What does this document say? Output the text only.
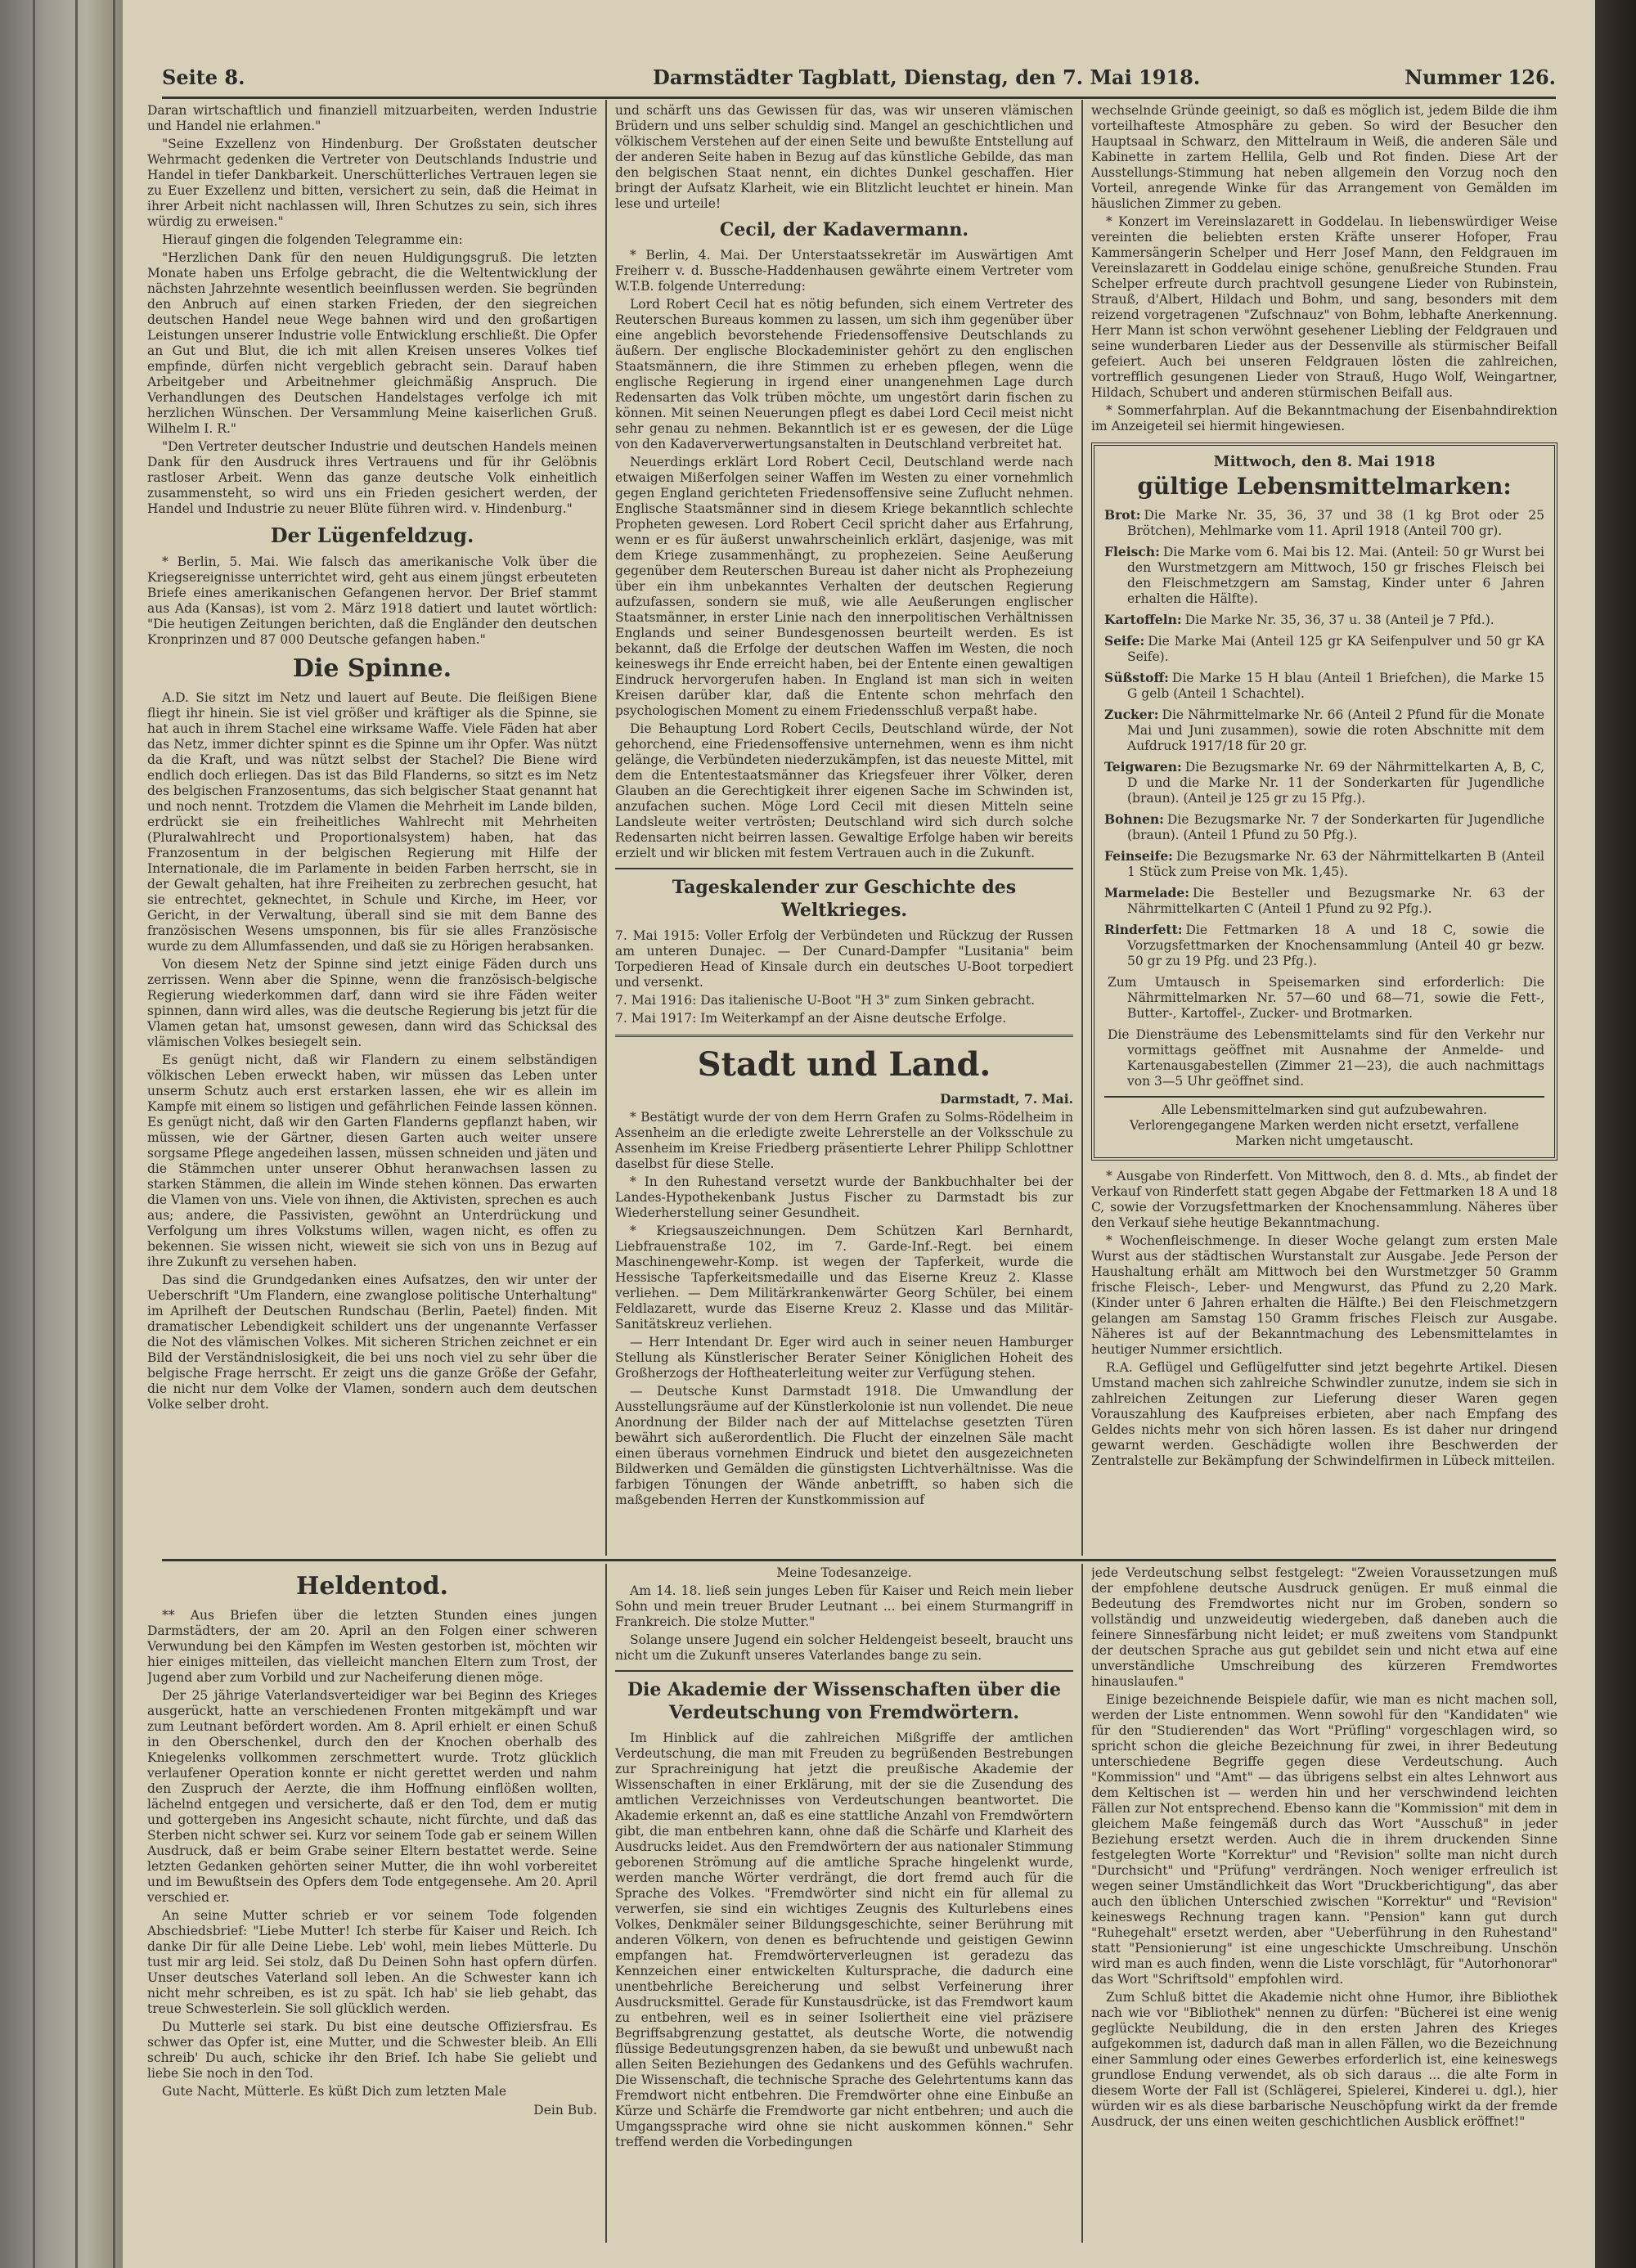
Seite 8.	Darmstädter Tagblatt, Dienstag, den 7. Mai 1918.	Nummer 126.

Daran wirtschaftlich und finanziell mitzuarbeiten, werden Industrie und Handel nie erlahmen."

"Seine Exzellenz von Hindenburg. Der Großstaten deutscher Wehrmacht gedenken die Vertreter von Deutschlands Industrie und Handel in tiefer Dankbarkeit. Unerschütterliches Vertrauen legen sie zu Euer Exzellenz und bitten, versichert zu sein, daß die Heimat in ihrer Arbeit nicht nachlassen will, Ihren Schutzes zu sein, sich ihres würdig zu erweisen."

Hierauf gingen die folgenden Telegramme ein:

"Herzlichen Dank für den neuen Huldigungsgruß. Die letzten Monate haben uns Erfolge gebracht, die die Weltentwicklung der nächsten Jahrzehnte wesentlich beeinflussen werden. Sie begründen den Anbruch auf einen starken Frieden, der den siegreichen deutschen Handel neue Wege bahnen wird und den großartigen Leistungen unserer Industrie volle Entwicklung erschließt. Die Opfer an Gut und Blut, die ich mit allen Kreisen unseres Volkes tief empfinde, dürfen nicht vergeblich gebracht sein. Darauf haben Arbeitgeber und Arbeitnehmer gleichmäßig Anspruch. Die Verhandlungen des Deutschen Handelstages verfolge ich mit herzlichen Wünschen. Der Versammlung Meine kaiserlichen Gruß. Wilhelm I. R."

"Den Vertreter deutscher Industrie und deutschen Handels meinen Dank für den Ausdruck ihres Vertrauens und für ihr Gelöbnis rastloser Arbeit. Wenn das ganze deutsche Volk einheitlich zusammensteht, so wird uns ein Frieden gesichert werden, der Handel und Industrie zu neuer Blüte führen wird. v. Hindenburg."

Der Lügenfeldzug.

* Berlin, 5. Mai. Wie falsch das amerikanische Volk über die Kriegsereignisse unterrichtet wird, geht aus einem jüngst erbeuteten Briefe eines amerikanischen Gefangenen hervor. Der Brief stammt aus Ada (Kansas), ist vom 2. März 1918 datiert und lautet wörtlich: "Die heutigen Zeitungen berichten, daß die Engländer den deutschen Kronprinzen und 87 000 Deutsche gefangen haben."

Die Spinne.

A.D. Sie sitzt im Netz und lauert auf Beute. Die fleißigen Biene fliegt ihr hinein. Sie ist viel größer und kräftiger als die Spinne, sie hat auch in ihrem Stachel eine wirksame Waffe. Viele Fäden hat aber das Netz, immer dichter spinnt es die Spinne um ihr Opfer. Was nützt da die Kraft, und was nützt selbst der Stachel? Die Biene wird endlich doch erliegen. Das ist das Bild Flanderns, so sitzt es im Netz des belgischen Franzosentums, das sich belgischer Staat genannt hat und noch nennt. Trotzdem die Vlamen die Mehrheit im Lande bilden, erdrückt sie ein freiheitliches Wahlrecht mit Mehrheiten (Pluralwahlrecht und Proportionalsystem) haben, hat das Franzosentum in der belgischen Regierung mit Hilfe der Internationale, die im Parlamente in beiden Farben herrscht, sie in der Gewalt gehalten, hat ihre Freiheiten zu zerbrechen gesucht, hat sie entrechtet, geknechtet, in Schule und Kirche, im Heer, vor Gericht, in der Verwaltung, überall sind sie mit dem Banne des französischen Wesens umsponnen, bis für sie alles Französische wurde zu dem Allumfassenden, und daß sie zu Hörigen herabsanken.

Von diesem Netz der Spinne sind jetzt einige Fäden durch uns zerrissen. Wenn aber die Spinne, wenn die französisch-belgische Regierung wiederkommen darf, dann wird sie ihre Fäden weiter spinnen, dann wird alles, was die deutsche Regierung bis jetzt für die Vlamen getan hat, umsonst gewesen, dann wird das Schicksal des vlämischen Volkes besiegelt sein.

Es genügt nicht, daß wir Flandern zu einem selbständigen völkischen Leben erweckt haben, wir müssen das Leben unter unserm Schutz auch erst erstarken lassen, ehe wir es allein im Kampfe mit einem so listigen und gefährlichen Feinde lassen können. Es genügt nicht, daß wir den Garten Flanderns gepflanzt haben, wir müssen, wie der Gärtner, diesen Garten auch weiter unsere sorgsame Pflege angedeihen lassen, müssen schneiden und jäten und die Stämmchen unter unserer Obhut heranwachsen lassen zu starken Stämmen, die allein im Winde stehen können. Das erwarten die Vlamen von uns. Viele von ihnen, die Aktivisten, sprechen es auch aus; andere, die Passivisten, gewöhnt an Unterdrückung und Verfolgung um ihres Volkstums willen, wagen nicht, es offen zu bekennen. Sie wissen nicht, wieweit sie sich von uns in Bezug auf ihre Zukunft zu versehen haben.

Das sind die Grundgedanken eines Aufsatzes, den wir unter der Ueberschrift "Um Flandern, eine zwanglose politische Unterhaltung" im Aprilheft der Deutschen Rundschau (Berlin, Paetel) finden. Mit dramatischer Lebendigkeit schildert uns der ungenannte Verfasser die Not des vlämischen Volkes. Mit sicheren Strichen zeichnet er ein Bild der Verständnislosigkeit, die bei uns noch viel zu sehr über die belgische Frage herrscht. Er zeigt uns die ganze Größe der Gefahr, die nicht nur dem Volke der Vlamen, sondern auch dem deutschen Volke selber droht.

und schärft uns das Gewissen für das, was wir unseren vlämischen Brüdern und uns selber schuldig sind. Mangel an geschichtlichen und völkischem Verstehen auf der einen Seite und bewußte Entstellung auf der anderen Seite haben in Bezug auf das künstliche Gebilde, das man den belgischen Staat nennt, ein dichtes Dunkel geschaffen. Hier bringt der Aufsatz Klarheit, wie ein Blitzlicht leuchtet er hinein. Man lese und urteile!

Cecil, der Kadavermann.

* Berlin, 4. Mai. Der Unterstaatssekretär im Auswärtigen Amt Freiherr v. d. Bussche-Haddenhausen gewährte einem Vertreter vom W.T.B. folgende Unterredung:

Lord Robert Cecil hat es nötig befunden, sich einem Vertreter des Reuterschen Bureaus kommen zu lassen, um sich ihm gegenüber über eine angeblich bevorstehende Friedensoffensive Deutschlands zu äußern. Der englische Blockademinister gehört zu den englischen Staatsmännern, die ihre Stimmen zu erheben pflegen, wenn die englische Regierung in irgend einer unangenehmen Lage durch Redensarten das Volk trüben möchte, um ungestört darin fischen zu können. Mit seinen Neuerungen pflegt es dabei Lord Cecil meist nicht sehr genau zu nehmen. Bekanntlich ist er es gewesen, der die Lüge von den Kadaververwertungsanstalten in Deutschland verbreitet hat.

Neuerdings erklärt Lord Robert Cecil, Deutschland werde nach etwaigen Mißerfolgen seiner Waffen im Westen zu einer vornehmlich gegen England gerichteten Friedensoffensive seine Zuflucht nehmen. Englische Staatsmänner sind in diesem Kriege bekanntlich schlechte Propheten gewesen. Lord Robert Cecil spricht daher aus Erfahrung, wenn er es für äußerst unwahrscheinlich erklärt, dasjenige, was mit dem Kriege zusammenhängt, zu prophezeien. Seine Aeußerung gegenüber dem Reuterschen Bureau ist daher nicht als Prophezeiung über ein ihm unbekanntes Verhalten der deutschen Regierung aufzufassen, sondern sie muß, wie alle Aeußerungen englischer Staatsmänner, in erster Linie nach den innerpolitischen Verhältnissen Englands und seiner Bundesgenossen beurteilt werden. Es ist bekannt, daß die Erfolge der deutschen Waffen im Westen, die noch keineswegs ihr Ende erreicht haben, bei der Entente einen gewaltigen Eindruck hervorgerufen haben. In England ist man sich in weiten Kreisen darüber klar, daß die Entente schon mehrfach den psychologischen Moment zu einem Friedensschluß verpaßt habe.

Die Behauptung Lord Robert Cecils, Deutschland würde, der Not gehorchend, eine Friedensoffensive unternehmen, wenn es ihm nicht gelänge, die Verbündeten niederzukämpfen, ist das neueste Mittel, mit dem die Ententestaatsmänner das Kriegsfeuer ihrer Völker, deren Glauben an die Gerechtigkeit ihrer eigenen Sache im Schwinden ist, anzufachen suchen. Möge Lord Cecil mit diesen Mitteln seine Landsleute weiter vertrösten; Deutschland wird sich durch solche Redensarten nicht beirren lassen. Gewaltige Erfolge haben wir bereits erzielt und wir blicken mit festem Vertrauen auch in die Zukunft.

Tageskalender zur Geschichte des Weltkrieges.

7. Mai 1915: Voller Erfolg der Verbündeten und Rückzug der Russen am unteren Dunajec. — Der Cunard-Dampfer "Lusitania" beim Torpedieren Head of Kinsale durch ein deutsches U-Boot torpediert und versenkt.

7. Mai 1916: Das italienische U-Boot "H 3" zum Sinken gebracht.

7. Mai 1917: Im Weiterkampf an der Aisne deutsche Erfolge.

Stadt und Land.
Darmstadt, 7. Mai.

* Bestätigt wurde der von dem Herrn Grafen zu Solms-Rödelheim in Assenheim an die erledigte zweite Lehrerstelle an der Volksschule zu Assenheim im Kreise Friedberg präsentierte Lehrer Philipp Schlottner daselbst für diese Stelle.

* In den Ruhestand versetzt wurde der Bankbuchhalter bei der Landes-Hypothekenbank Justus Fischer zu Darmstadt bis zur Wiederherstellung seiner Gesundheit.

* Kriegsauszeichnungen. Dem Schützen Karl Bernhardt, Liebfrauenstraße 102, im 7. Garde-Inf.-Regt. bei einem Maschinengewehr-Komp. ist wegen der Tapferkeit, wurde die Hessische Tapferkeitsmedaille und das Eiserne Kreuz 2. Klasse verliehen. — Dem Militärkrankenwärter Georg Schüler, bei einem Feldlazarett, wurde das Eiserne Kreuz 2. Klasse und das Militär-Sanitätskreuz verliehen.

— Herr Intendant Dr. Eger wird auch in seiner neuen Hamburger Stellung als Künstlerischer Berater Seiner Königlichen Hoheit des Großherzogs der Hoftheaterleitung weiter zur Verfügung stehen.

— Deutsche Kunst Darmstadt 1918. Die Umwandlung der Ausstellungsräume auf der Künstlerkolonie ist nun vollendet. Die neue Anordnung der Bilder nach der auf Mittelachse gesetzten Türen bewährt sich außerordentlich. Die Flucht der einzelnen Säle macht einen überaus vornehmen Eindruck und bietet den ausgezeichneten Bildwerken und Gemälden die günstigsten Lichtverhältnisse. Was die farbigen Tönungen der Wände anbetrifft, so haben sich die maßgebenden Herren der Kunstkommission auf

wechselnde Gründe geeinigt, so daß es möglich ist, jedem Bilde die ihm vorteilhafteste Atmosphäre zu geben. So wird der Besucher den Hauptsaal in Schwarz, den Mittelraum in Weiß, die anderen Säle und Kabinette in zartem Hellila, Gelb und Rot finden. Diese Art der Ausstellungs-Stimmung hat neben allgemein den Vorzug noch den Vorteil, anregende Winke für das Arrangement von Gemälden im häuslichen Zimmer zu geben.

* Konzert im Vereinslazarett in Goddelau. In liebenswürdiger Weise vereinten die beliebten ersten Kräfte unserer Hofoper, Frau Kammersängerin Schelper und Herr Josef Mann, den Feldgrauen im Vereinslazarett in Goddelau einige schöne, genußreiche Stunden. Frau Schelper erfreute durch prachtvoll gesungene Lieder von Rubinstein, Strauß, d'Albert, Hildach und Bohm, und sang, besonders mit dem reizend vorgetragenen "Zufschnauz" von Bohm, lebhafte Anerkennung. Herr Mann ist schon verwöhnt gesehener Liebling der Feldgrauen und seine wunderbaren Lieder aus der Dessenville als stürmischer Beifall gefeiert. Auch bei unseren Feldgrauen lösten die zahlreichen, vortrefflich gesungenen Lieder von Strauß, Hugo Wolf, Weingartner, Hildach, Schubert und anderen stürmischen Beifall aus.

* Sommerfahrplan. Auf die Bekanntmachung der Eisenbahndirektion im Anzeigeteil sei hiermit hingewiesen.

Mittwoch, den 8. Mai 1918
gültige Lebensmittelmarken:
Brot: Die Marke Nr. 35, 36, 37 und 38 (1 kg Brot oder 25 Brötchen), Mehlmarke vom 11. April 1918 (Anteil 700 gr).
Fleisch: Die Marke vom 6. Mai bis 12. Mai. (Anteil: 50 gr Wurst bei den Wurstmetzgern am Mittwoch, 150 gr frisches Fleisch bei den Fleischmetzgern am Samstag, Kinder unter 6 Jahren erhalten die Hälfte).
Kartoffeln: Die Marke Nr. 35, 36, 37 u. 38 (Anteil je 7 Pfd.).
Seife: Die Marke Mai (Anteil 125 gr KA Seifenpulver und 50 gr KA Seife).
Süßstoff: Die Marke 15 H blau (Anteil 1 Briefchen), die Marke 15 G gelb (Anteil 1 Schachtel).
Zucker: Die Nährmittelmarke Nr. 66 (Anteil 2 Pfund für die Monate Mai und Juni zusammen), sowie die roten Abschnitte mit dem Aufdruck 1917/18 für 20 gr.
Teigwaren: Die Bezugsmarke Nr. 69 der Nährmittelkarten A, B, C, D und die Marke Nr. 11 der Sonderkarten für Jugendliche (braun). (Anteil je 125 gr zu 15 Pfg.).
Bohnen: Die Bezugsmarke Nr. 7 der Sonderkarten für Jugendliche (braun). (Anteil 1 Pfund zu 50 Pfg.).
Feinseife: Die Bezugsmarke Nr. 63 der Nährmittelkarten B (Anteil 1 Stück zum Preise von Mk. 1,45).
Marmelade: Die Besteller und Bezugsmarke Nr. 63 der Nährmittelkarten C (Anteil 1 Pfund zu 92 Pfg.).
Rinderfett: Die Fettmarken 18 A und 18 C, sowie die Vorzugsfettmarken der Knochensammlung (Anteil 40 gr bezw. 50 gr zu 19 Pfg. und 23 Pfg.).
Zum Umtausch in Speisemarken sind erforderlich: Die Nährmittelmarken Nr. 57—60 und 68—71, sowie die Fett-, Butter-, Kartoffel-, Zucker- und Brotmarken.
Die Diensträume des Lebensmittelamts sind für den Verkehr nur vormittags geöffnet mit Ausnahme der Anmelde- und Kartenausgabestellen (Zimmer 21—23), die auch nachmittags von 3—5 Uhr geöffnet sind.
Alle Lebensmittelmarken sind gut aufzubewahren. Verlorengegangene Marken werden nicht ersetzt, verfallene Marken nicht umgetauscht.

* Ausgabe von Rinderfett. Von Mittwoch, den 8. d. Mts., ab findet der Verkauf von Rinderfett statt gegen Abgabe der Fettmarken 18 A und 18 C, sowie der Vorzugsfettmarken der Knochensammlung. Näheres über den Verkauf siehe heutige Bekanntmachung.

* Wochenfleischmenge. In dieser Woche gelangt zum ersten Male Wurst aus der städtischen Wurstanstalt zur Ausgabe. Jede Person der Haushaltung erhält am Mittwoch bei den Wurstmetzger 50 Gramm frische Fleisch-, Leber- und Mengwurst, das Pfund zu 2,20 Mark. (Kinder unter 6 Jahren erhalten die Hälfte.) Bei den Fleischmetzgern gelangen am Samstag 150 Gramm frisches Fleisch zur Ausgabe. Näheres ist auf der Bekanntmachung des Lebensmittelamtes in heutiger Nummer ersichtlich.

R.A. Geflügel und Geflügelfutter sind jetzt begehrte Artikel. Diesen Umstand machen sich zahlreiche Schwindler zunutze, indem sie sich in zahlreichen Zeitungen zur Lieferung dieser Waren gegen Vorauszahlung des Kaufpreises erbieten, aber nach Empfang des Geldes nichts mehr von sich hören lassen. Es ist daher nur dringend gewarnt werden. Geschädigte wollen ihre Beschwerden der Zentralstelle zur Bekämpfung der Schwindelfirmen in Lübeck mitteilen.

Heldentod.

** Aus Briefen über die letzten Stunden eines jungen Darmstädters, der am 20. April an den Folgen einer schweren Verwundung bei den Kämpfen im Westen gestorben ist, möchten wir hier einiges mitteilen, das vielleicht manchen Eltern zum Trost, der Jugend aber zum Vorbild und zur Nacheiferung dienen möge.

Der 25 jährige Vaterlandsverteidiger war bei Beginn des Krieges ausgerückt, hatte an verschiedenen Fronten mitgekämpft und war zum Leutnant befördert worden. Am 8. April erhielt er einen Schuß in den Oberschenkel, durch den der Knochen oberhalb des Kniegelenks vollkommen zerschmettert wurde. Trotz glücklich verlaufener Operation konnte er nicht gerettet werden und nahm den Zuspruch der Aerzte, die ihm Hoffnung einflößen wollten, lächelnd entgegen und versicherte, daß er den Tod, dem er mutig und gottergeben ins Angesicht schaute, nicht fürchte, und daß das Sterben nicht schwer sei. Kurz vor seinem Tode gab er seinem Willen Ausdruck, daß er beim Grabe seiner Eltern bestattet werde. Seine letzten Gedanken gehörten seiner Mutter, die ihn wohl vorbereitet und im Bewußtsein des Opfers dem Tode entgegensehe. Am 20. April verschied er.

An seine Mutter schrieb er vor seinem Tode folgenden Abschiedsbrief: "Liebe Mutter! Ich sterbe für Kaiser und Reich. Ich danke Dir für alle Deine Liebe. Leb' wohl, mein liebes Mütterle. Du tust mir arg leid. Sei stolz, daß Du Deinen Sohn hast opfern dürfen. Unser deutsches Vaterland soll leben. An die Schwester kann ich nicht mehr schreiben, es ist zu spät. Ich hab' sie lieb gehabt, das treue Schwesterlein. Sie soll glücklich werden.

Du Mutterle sei stark. Du bist eine deutsche Offiziersfrau. Es schwer das Opfer ist, eine Mutter, und die Schwester bleib. An Elli schreib' Du auch, schicke ihr den Brief. Ich habe Sie geliebt und liebe Sie noch in den Tod.

Gute Nacht, Mütterle. Es küßt Dich zum letzten Male

Dein Bub.

Meine Todesanzeige.

Am 14. 18. ließ sein junges Leben für Kaiser und Reich mein lieber Sohn und mein treuer Bruder Leutnant ... bei einem Sturmangriff in Frankreich. Die stolze Mutter."

Solange unsere Jugend ein solcher Heldengeist beseelt, braucht uns nicht um die Zukunft unseres Vaterlandes bange zu sein.

Die Akademie der Wissenschaften über die Verdeutschung von Fremdwörtern.

Im Hinblick auf die zahlreichen Mißgriffe der amtlichen Verdeutschung, die man mit Freuden zu begrüßenden Bestrebungen zur Sprachreinigung hat jetzt die preußische Akademie der Wissenschaften in einer Erklärung, mit der sie die Zusendung des amtlichen Verzeichnisses von Verdeutschungen beantwortet. Die Akademie erkennt an, daß es eine stattliche Anzahl von Fremdwörtern gibt, die man entbehren kann, ohne daß die Schärfe und Klarheit des Ausdrucks leidet. Aus den Fremdwörtern der aus nationaler Stimmung geborenen Strömung auf die amtliche Sprache hingelenkt wurde, werden manche Wörter verdrängt, die dort fremd auch für die Sprache des Volkes. "Fremdwörter sind nicht ein für allemal zu verwerfen, sie sind ein wichtiges Zeugnis des Kulturlebens eines Volkes, Denkmäler seiner Bildungsgeschichte, seiner Berührung mit anderen Völkern, von denen es befruchtende und geistigen Gewinn empfangen hat. Fremdwörterverleugnen ist geradezu das Kennzeichen einer entwickelten Kultursprache, die dadurch eine unentbehrliche Bereicherung und selbst Verfeinerung ihrer Ausdrucksmittel. Gerade für Kunstausdrücke, ist das Fremdwort kaum zu entbehren, weil es in seiner Isoliertheit eine viel präzisere Begriffsabgrenzung gestattet, als deutsche Worte, die notwendig flüssige Bedeutungsgrenzen haben, da sie bewußt und unbewußt nach allen Seiten Beziehungen des Gedankens und des Gefühls wachrufen. Die Wissenschaft, die technische Sprache des Gelehrtentums kann das Fremdwort nicht entbehren. Die Fremdwörter ohne eine Einbuße an Kürze und Schärfe die Fremdworte gar nicht entbehren; und auch die Umgangssprache wird ohne sie nicht auskommen können." Sehr treffend werden die Vorbedingungen

jede Verdeutschung selbst festgelegt: "Zweien Voraussetzungen muß der empfohlene deutsche Ausdruck genügen. Er muß einmal die Bedeutung des Fremdwortes nicht nur im Groben, sondern so vollständig und unzweideutig wiedergeben, daß daneben auch die feinere Sinnesfärbung nicht leidet; er muß zweitens vom Standpunkt der deutschen Sprache aus gut gebildet sein und nicht etwa auf eine unverständliche Umschreibung des kürzeren Fremdwortes hinauslaufen."

Einige bezeichnende Beispiele dafür, wie man es nicht machen soll, werden der Liste entnommen. Wenn sowohl für den "Kandidaten" wie für den "Studierenden" das Wort "Prüfling" vorgeschlagen wird, so spricht schon die gleiche Bezeichnung für zwei, in ihrer Bedeutung unterschiedene Begriffe gegen diese Verdeutschung. Auch "Kommission" und "Amt" — das übrigens selbst ein altes Lehnwort aus dem Keltischen ist — werden hin und her verschwindend leichten Fällen zur Not entsprechend. Ebenso kann die "Kommission" mit dem in gleichem Maße feingemäß durch das Wort "Ausschuß" in jeder Beziehung ersetzt werden. Auch die in ihrem druckenden Sinne festgelegten Worte "Korrektur" und "Revision" sollte man nicht durch "Durchsicht" und "Prüfung" verdrängen. Noch weniger erfreulich ist wegen seiner Umständlichkeit das Wort "Druckberichtigung", das aber auch den üblichen Unterschied zwischen "Korrektur" und "Revision" keineswegs Rechnung tragen kann. "Pension" kann gut durch "Ruhegehalt" ersetzt werden, aber "Ueberführung in den Ruhestand" statt "Pensionierung" ist eine ungeschickte Umschreibung. Unschön wird man es auch finden, wenn die Liste vorschlägt, für "Autorhonorar" das Wort "Schriftsold" empfohlen wird.

Zum Schluß bittet die Akademie nicht ohne Humor, ihre Bibliothek nach wie vor "Bibliothek" nennen zu dürfen: "Bücherei ist eine wenig geglückte Neubildung, die in den ersten Jahren des Krieges aufgekommen ist, dadurch daß man in allen Fällen, wo die Bezeichnung einer Sammlung oder eines Gewerbes erforderlich ist, eine keineswegs grundlose Endung verwendet, als ob sich daraus ... die alte Form in diesem Worte der Fall ist (Schlägerei, Spielerei, Kinderei u. dgl.), hier würden wir es als diese barbarische Neuschöpfung wirkt da der fremde Ausdruck, der uns einen weiten geschichtlichen Ausblick eröffnet!"
